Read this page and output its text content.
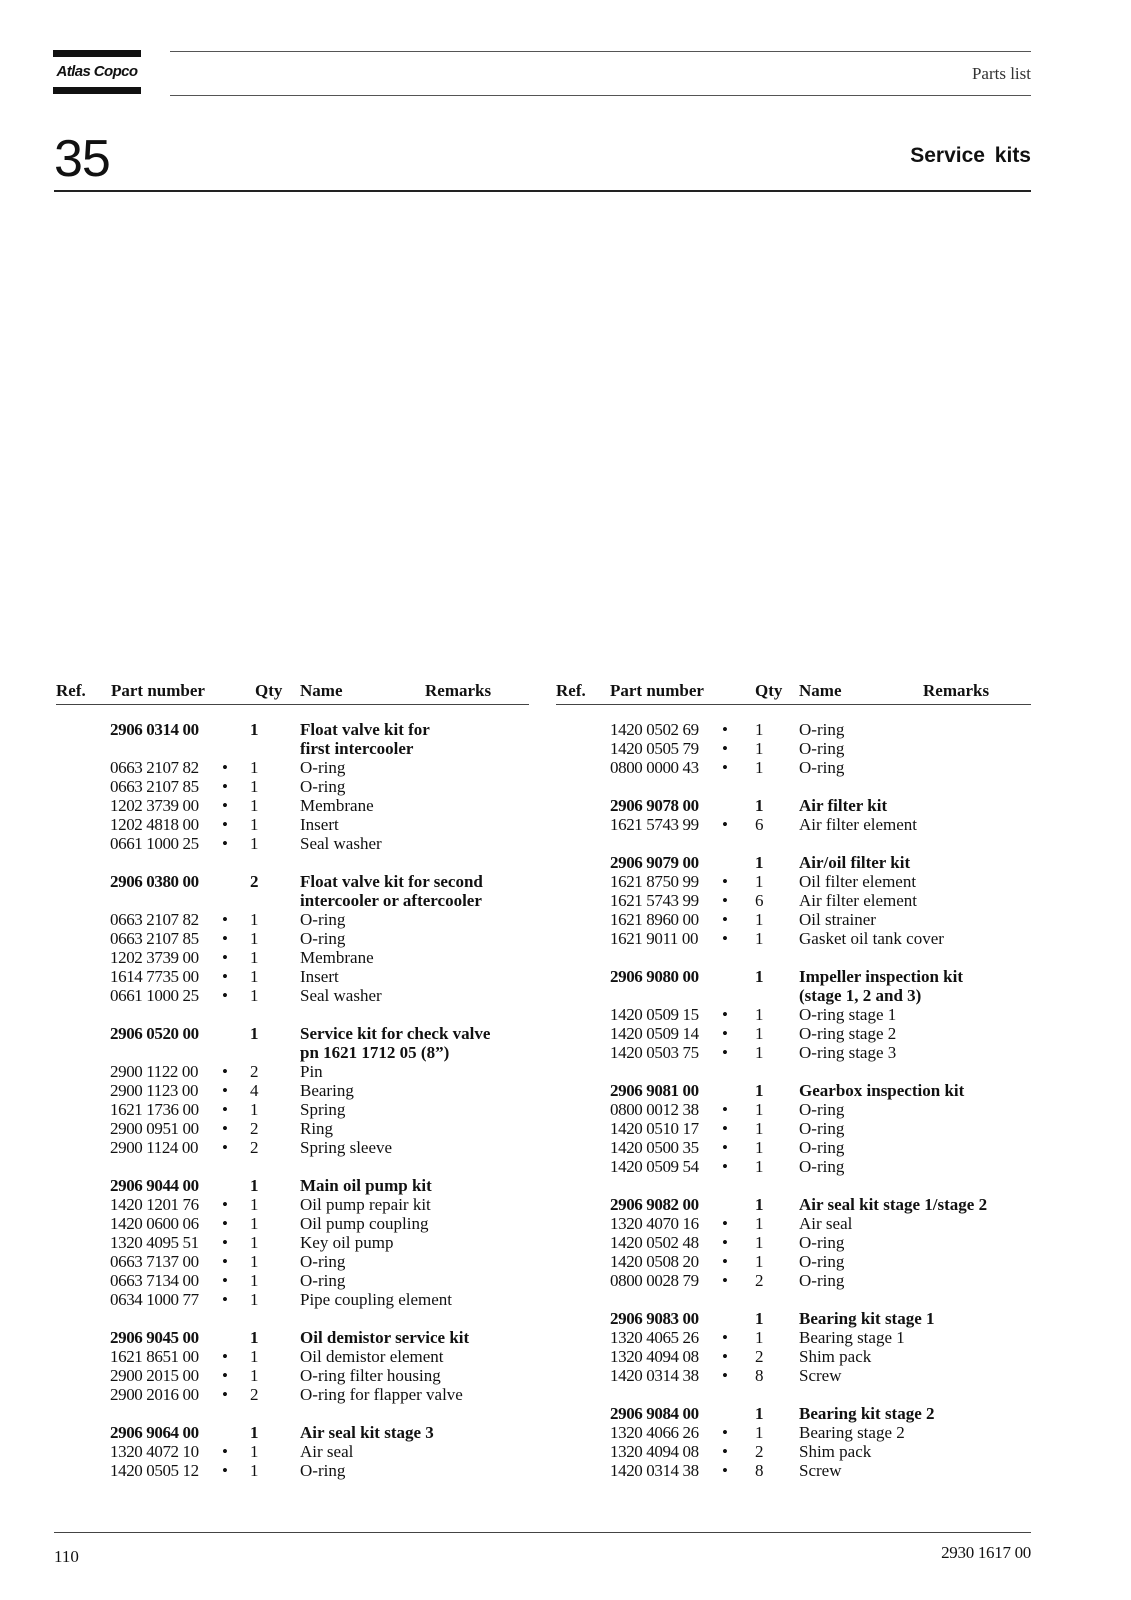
Atlas Copco	Parts list
35	Service kits
Ref. Part number	Qty Name	Remarks
2906 0314 00	1 Float valve kit for
first intercooler
0663 2107 82 • 1 O-ring
0663 2107 85 • 1 O-ring
1202 3739 00 • 1 Membrane
1202 4818 00 • 1 Insert
0661 1000 25 • 1 Seal washer
2906 0380 00	2 Float valve kit for second
intercooler or aftercooler
0663 2107 82 • 1 O-ring
0663 2107 85 • 1 O-ring
1202 3739 00 • 1 Membrane
1614 7735 00 • 1 Insert
0661 1000 25 • 1 Seal washer
2906 0520 00	1 Service kit for check valve
pn 1621 1712 05 (8”)
2900 1122 00 • 2 Pin
2900 1123 00 • 4 Bearing
1621 1736 00 • 1 Spring
2900 0951 00 • 2 Ring
2900 1124 00 • 2 Spring sleeve
2906 9044 00	1 Main oil pump kit
1420 1201 76 • 1 Oil pump repair kit
1420 0600 06 • 1 Oil pump coupling
1320 4095 51 • 1 Key oil pump
0663 7137 00 • 1 O-ring
0663 7134 00 • 1 O-ring
0634 1000 77 • 1 Pipe coupling element
2906 9045 00	1 Oil demistor service kit
1621 8651 00 • 1 Oil demistor element
2900 2015 00 • 1 O-ring filter housing
2900 2016 00 • 2 O-ring for flapper valve
2906 9064 00	1 Air seal kit stage 3
1320 4072 10 • 1 Air seal
1420 0505 12 • 1 O-ring
Ref. Part number	Qty Name	Remarks
1420 0502 69 • 1 O-ring
1420 0505 79 • 1 O-ring
0800 0000 43 • 1 O-ring
2906 9078 00	1 Air filter kit
1621 5743 99 • 6 Air filter element
2906 9079 00	1 Air/oil filter kit
1621 8750 99 • 1 Oil filter element
1621 5743 99 • 6 Air filter element
1621 8960 00 • 1 Oil strainer
1621 9011 00 • 1 Gasket oil tank cover
2906 9080 00	1 Impeller inspection kit
(stage 1, 2 and 3)
1420 0509 15 • 1 O-ring stage 1
1420 0509 14 • 1 O-ring stage 2
1420 0503 75 • 1 O-ring stage 3
2906 9081 00	1 Gearbox inspection kit
0800 0012 38 • 1 O-ring
1420 0510 17 • 1 O-ring
1420 0500 35 • 1 O-ring
1420 0509 54 • 1 O-ring
2906 9082 00	1 Air seal kit stage 1/stage 2
1320 4070 16 • 1 Air seal
1420 0502 48 • 1 O-ring
1420 0508 20 • 1 O-ring
0800 0028 79 • 2 O-ring
2906 9083 00	1 Bearing kit stage 1
1320 4065 26 • 1 Bearing stage 1
1320 4094 08 • 2 Shim pack
1420 0314 38 • 8 Screw
2906 9084 00	1 Bearing kit stage 2
1320 4066 26 • 1 Bearing stage 2
1320 4094 08 • 2 Shim pack
1420 0314 38 • 8 Screw
110	2930 1617 00
